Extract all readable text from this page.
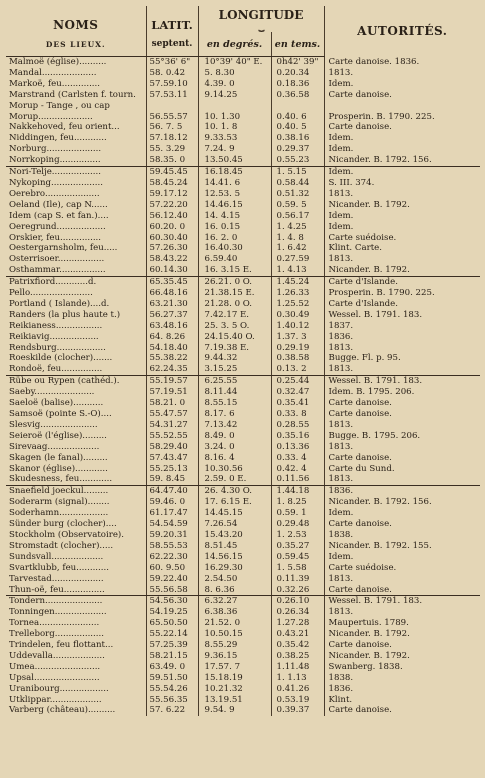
NOMS	LATIT.	LONGITUDE
⏟		AUTORITÉS.
DES LIEUX.	septent.	en degrés.	en tems.	
Malmoë (église)..........	55°36' 6"	10°39' 40" E.	0h42' 39"	Carte danoise. 1836.
Mandal....................	58. 0.42	5. 8.30	0.20.34	1813.
Markoë, feu..............	57.59.10	4.39. 0	0.18.36	Idem.
Marstrand (Carlsten f. tourn.	57.53.11	9.14.25	0.36.58	Carte danoise.
Morup - Tange , ou cap				
Morup....................	56.55.57	10. 1.30	0.40. 6	Prosperin. B. 1790. 225.
Nakkehoved, feu orient...	56. 7. 5	10. 1. 8	0.40. 5	Carte danoise.
Niddingen, feu............	57.18.12	9.33.53	0.38.16	Idem.
Norburg....................	55. 3.29	7.24. 9	0.29.37	Idem.
Norrkoping...............	58.35. 0	13.50.45	0.55.23	Nicander. B. 1792. 156.
Nori-Telje..................	59.45.45	16.18.45	1. 5.15	Idem.
Nykoping...................	58.45.24	14.41. 6	0.58.44	S. III. 374.
Oerebro....................	59.17.12	12.53. 5	0.51.32	1813.
Oeland (Ile), cap N......	57.22.20	14.46.15	0.59. 5	Nicander. B. 1792.
Idem (cap S. et fan.)....	56.12.40	14. 4.15	0.56.17	Idem.
Oeregrund..................	60.20. 0	16. 0.15	1. 4.25	Idem.
Orskier, feu...............	60.30.40	16. 2. 0	1. 4. 8	Carte suédoise.
Oestergarnsholm, feu.....	57.26.30	16.40.30	1. 6.42	Klint. Carte.
Osterrisoer.................	58.43.22	6.59.40	0.27.59	1813.
Osthammar.................	60.14.30	16. 3.15 E.	1. 4.13	Nicander. B. 1792.
Patrixfiord............d.	65.35.45	26.21. 0 O.	1.45.24	Carte d'Islande.
Pello.......................	66.48.16	21.38.15 E.	1.26.33	Prosperin. B. 1790. 225.
Portland ( Islande)....d.	63.21.30	21.28. 0 O.	1.25.52	Carte d'Islande.
Randers (la plus haute t.)	56.27.37	7.42.17 E.	0.30.49	Wessel. B. 1791. 183.
Reikianess.................	63.48.16	25. 3. 5 O.	1.40.12	1837.
Reikiavig..................	64. 8.26	24.15.40 O.	1.37. 3	1836.
Rendsburg..................	54.18.40	7.19.38 E.	0.29.19	1813.
Roeskilde (clocher).......	55.38.22	9.44.32	0.38.58	Bugge. Fl. p. 95.
Rondoë, feu...............	62.24.35	3.15.25	0.13. 2	1813.
Rübe ou Rypen (cathéd.).	55.19.57	6.25.55	0.25.44	Wessel. B. 1791. 183.
Saeby......................	57.19.51	8.11.44	0.32.47	Idem. B. 1795. 206.
Saeloë (balise)...........	58.21. 0	8.55.15	0.35.41	Carte danoise.
Samsoë (pointe S.-O)....	55.47.57	8.17. 6	0.33. 8	Carte danoise.
Slesvig.....................	54.31.27	7.13.42	0.28.55	1813.
Seieroë (l'église).........	55.52.55	8.49. 0	0.35.16	Bugge. B. 1795. 206.
Sirevaag...................	58.29.40	3.24. 0	0.13.36	1813.
Skagen (le fanal).........	57.43.47	8.16. 4	0.33. 4	Carte danoise.
Skanor (église)............	55.25.13	10.30.56	0.42. 4	Carte du Sund.
Skudesness, feu............	59. 8.45	2.59. 0 E.	0.11.56	1813.
Snaefield joeckul.........	64.47.40	26. 4.30 O.	1.44.18	1836.
Soderarm (signal)........	59.46. 0	17. 6.15 E.	1. 8.25	Nicander. B. 1792. 156.
Soderhamn..................	61.17.47	14.45.15	0.59. 1	Idem.
Sünder burg (clocher)....	54.54.59	7.26.54	0.29.48	Carte danoise.
Stockholm (Observatoire).	59.20.31	15.43.20	1. 2.53	1838.
Stromstadt (clocher).....	58.55.53	8.51.45	0.35.27	Nicander. B. 1792. 155.
Sundsvall...................	62.22.30	14.56.15	0.59.45	Idem.
Svartklubb, feu............	60. 9.50	16.29.30	1. 5.58	Carte suédoise.
Tarvestad...................	59.22.40	2.54.50	0.11.39	1813.
Thun-oë, feu...............	55.56.58	8. 6.36	0.32.26	Carte danoise.
Tondern.....................	54.56.30	6.32.27	0.26.10	Wessel. B. 1791. 183.
Tonningen...................	54.19.25	6.38.36	0.26.34	1813.
Tornea......................	65.50.50	21.52. 0	1.27.28	Maupertuis. 1789.
Trelleborg..................	55.22.14	10.50.15	0.43.21	Nicander. B. 1792.
Trindelen, feu flottant...	57.25.39	8.55.29	0.35.42	Carte danoise.
Uddevalla...................	58.21.15	9.36.15	0.38.25	Nicander. B. 1792.
Umea........................	63.49. 0	17.57. 7	1.11.48	Swanberg. 1838.
Upsal........................	59.51.50	15.18.19	1. 1.13	1838.
Uranibourg..................	55.54.26	10.21.32	0.41.26	1836.
Utklippar...................	55.56.35	13.19.51	0.53.19	Klint.
Varberg (château)..........	57. 6.22	9.54. 9	0.39.37	Carte danoise.
